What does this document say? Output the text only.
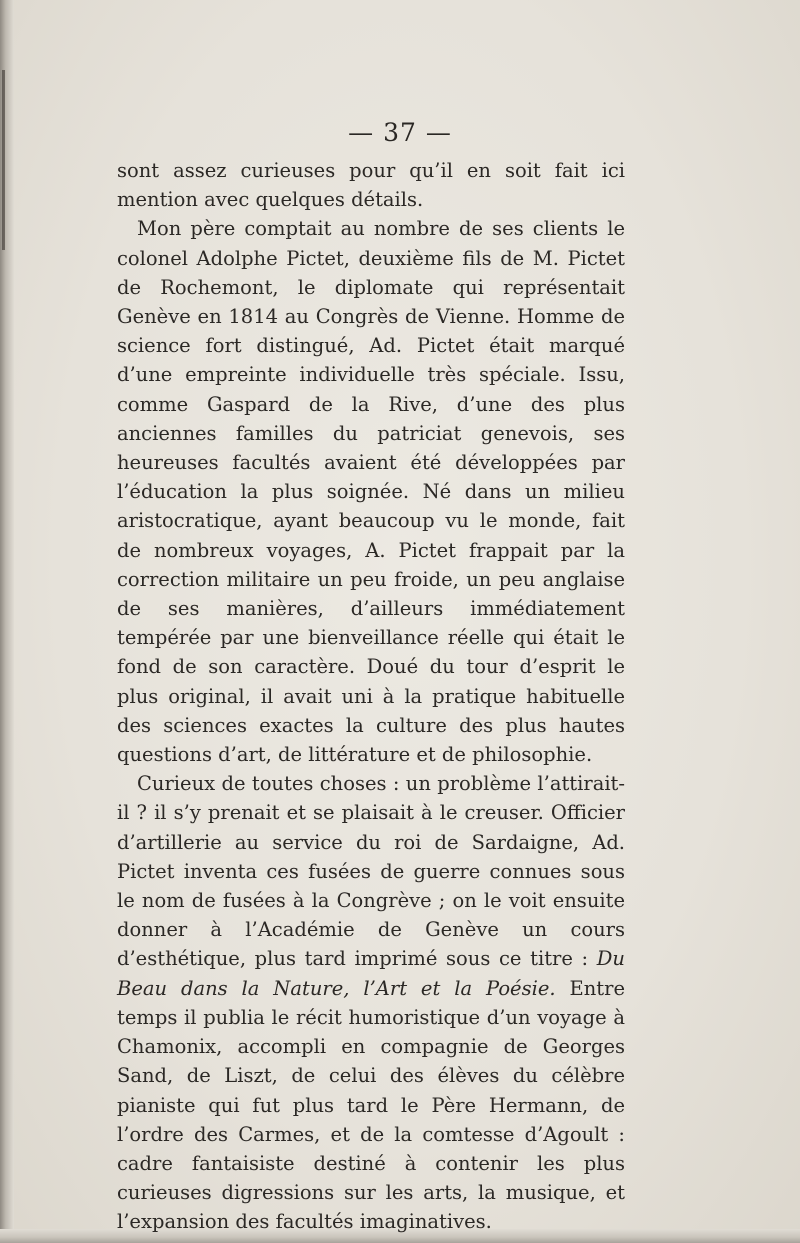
— 37 —

sont assez curieuses pour qu’il en soit fait ici mention avec quelques détails.

Mon père comptait au nombre de ses clients le colonel Adolphe Pictet, deuxième fils de M. Pictet de Rochemont, le diplomate qui représentait Genève en 1814 au Congrès de Vienne. Homme de science fort distingué, Ad. Pictet était marqué d’une empreinte individuelle très spéciale. Issu, comme Gaspard de la Rive, d’une des plus anciennes familles du patriciat genevois, ses heureuses facultés avaient été développées par l’éducation la plus soignée. Né dans un milieu aristocratique, ayant beaucoup vu le monde, fait de nombreux voyages, A. Pictet frappait par la correction militaire un peu froide, un peu anglaise de ses manières, d’ailleurs immédiatement tempérée par une bienveillance réelle qui était le fond de son caractère. Doué du tour d’esprit le plus original, il avait uni à la pratique habituelle des sciences exactes la culture des plus hautes questions d’art, de littérature et de philosophie.

Curieux de toutes choses : un problème l’attirait-il ? il s’y prenait et se plaisait à le creuser. Officier d’artillerie au service du roi de Sardaigne, Ad. Pictet inventa ces fusées de guerre connues sous le nom de fusées à la Congrève ; on le voit ensuite donner à l’Académie de Genève un cours d’esthétique, plus tard imprimé sous ce titre : Du Beau dans la Nature, l’Art et la Poésie. Entre temps il publia le récit humoristique d’un voyage à Chamonix, accompli en compagnie de Georges Sand, de Liszt, de celui des élèves du célèbre pianiste qui fut plus tard le Père Hermann, de l’ordre des Carmes, et de la comtesse d’Agoult : cadre fantaisiste destiné à contenir les plus curieuses digressions sur les arts, la musique, et l’expansion des facultés imaginatives.
